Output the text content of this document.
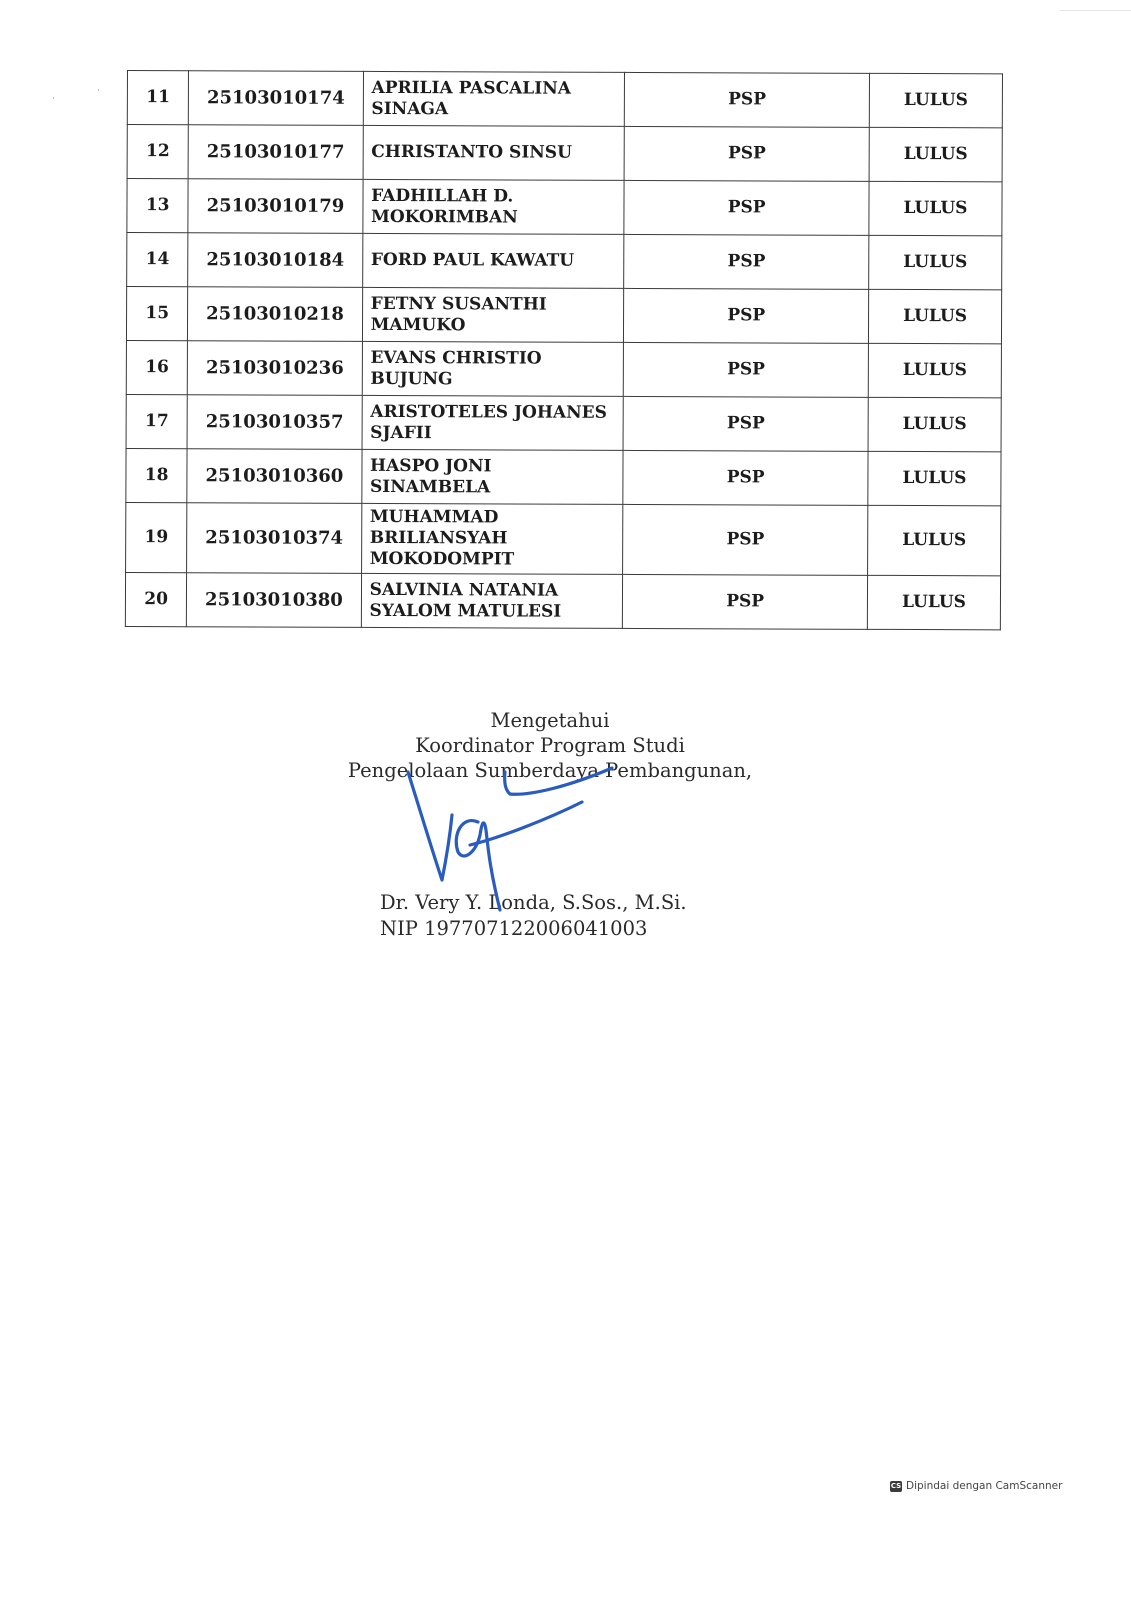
·
·	11	25103010174	APRILIA PASCALINA SINAGA	PSP	LULUS
12	25103010177	CHRISTANTO SINSU	PSP	LULUS
13	25103010179	FADHILLAH D. MOKORIMBAN	PSP	LULUS
14	25103010184	FORD PAUL KAWATU	PSP	LULUS
15	25103010218	FETNY SUSANTHI MAMUKO	PSP	LULUS
16	25103010236	EVANS CHRISTIO BUJUNG	PSP	LULUS
17	25103010357	ARISTOTELES JOHANES SJAFII	PSP	LULUS
18	25103010360	HASPO JONI SINAMBELA	PSP	LULUS
19	25103010374	MUHAMMAD BRILIANSYAH MOKODOMPIT	PSP	LULUS
20	25103010380	SALVINIA NATANIA SYALOM MATULESI	PSP	LULUS
Mengetahui
Koordinator Program Studi
Pengelolaan Sumberdaya Pembangunan,
Dr. Very Y. Londa, S.Sos., M.Si.
NIP 197707122006041003
CS Dipindai dengan CamScanner
